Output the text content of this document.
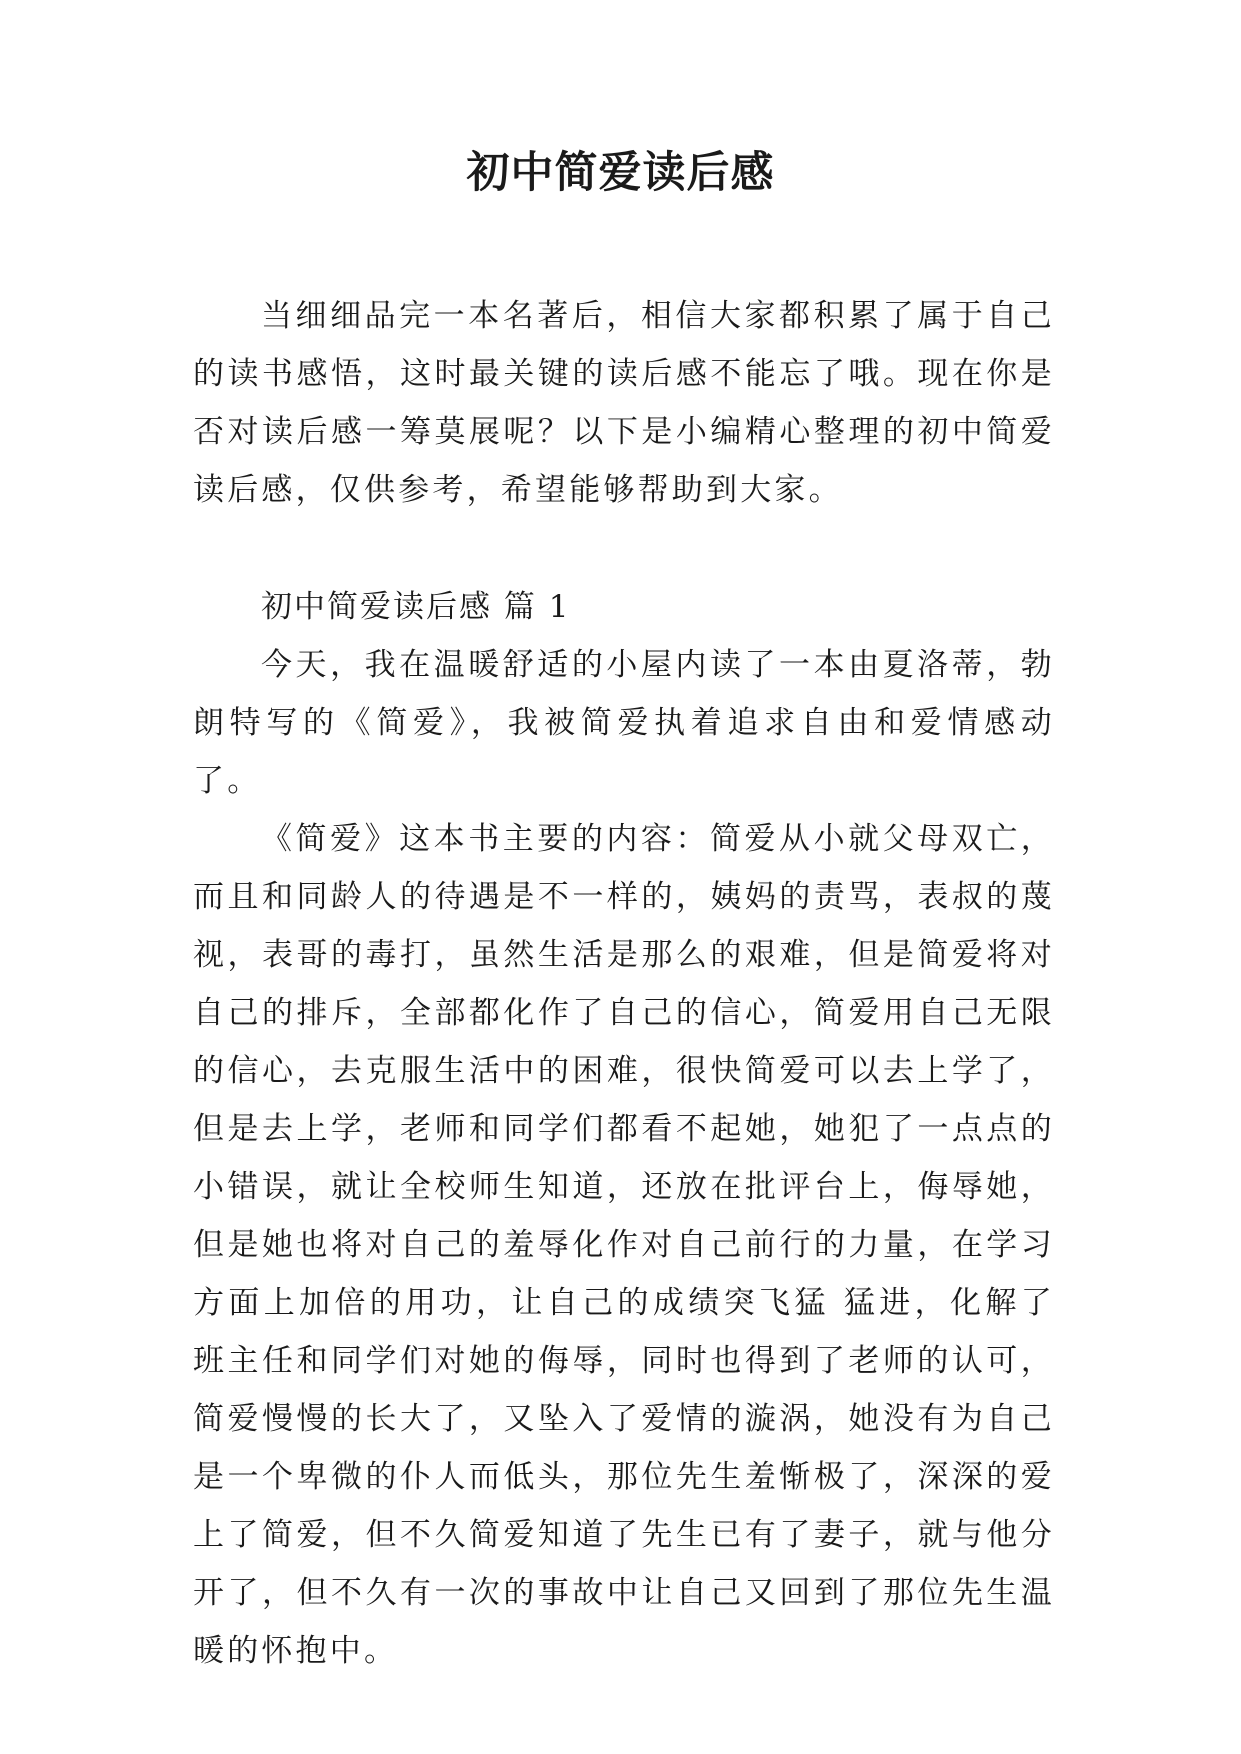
初中简爱读后感

当细细品完一本名著后，相信大家都积累了属于自己的读书感悟，这时最关键的读后感不能忘了哦。现在你是否对读后感一筹莫展呢？以下是小编精心整理的初中简爱读后感，仅供参考，希望能够帮助到大家。

初中简爱读后感 篇 1

今天，我在温暖舒适的小屋内读了一本由夏洛蒂，勃朗特写的《简爱》，我被简爱执着追求自由和爱情感动了。

《简爱》这本书主要的内容：简爱从小就父母双亡，而且和同龄人的待遇是不一样的，姨妈的责骂，表叔的蔑视，表哥的毒打，虽然生活是那么的艰难，但是简爱将对自己的排斥，全部都化作了自己的信心，简爱用自己无限的信心，去克服生活中的困难，很快简爱可以去上学了，但是去上学，老师和同学们都看不起她，她犯了一点点的小错误，就让全校师生知道，还放在批评台上，侮辱她，但是她也将对自己的羞辱化作对自己前行的力量，在学习方面上加倍的用功，让自己的成绩突飞猛 猛进，化解了班主任和同学们对她的侮辱，同时也得到了老师的认可，简爱慢慢的长大了，又坠入了爱情的漩涡，她没有为自己是一个卑微的仆人而低头，那位先生羞惭极了，深深的爱上了简爱，但不久简爱知道了先生已有了妻子，就与他分开了，但不久有一次的事故中让自己又回到了那位先生温暖的怀抱中。
